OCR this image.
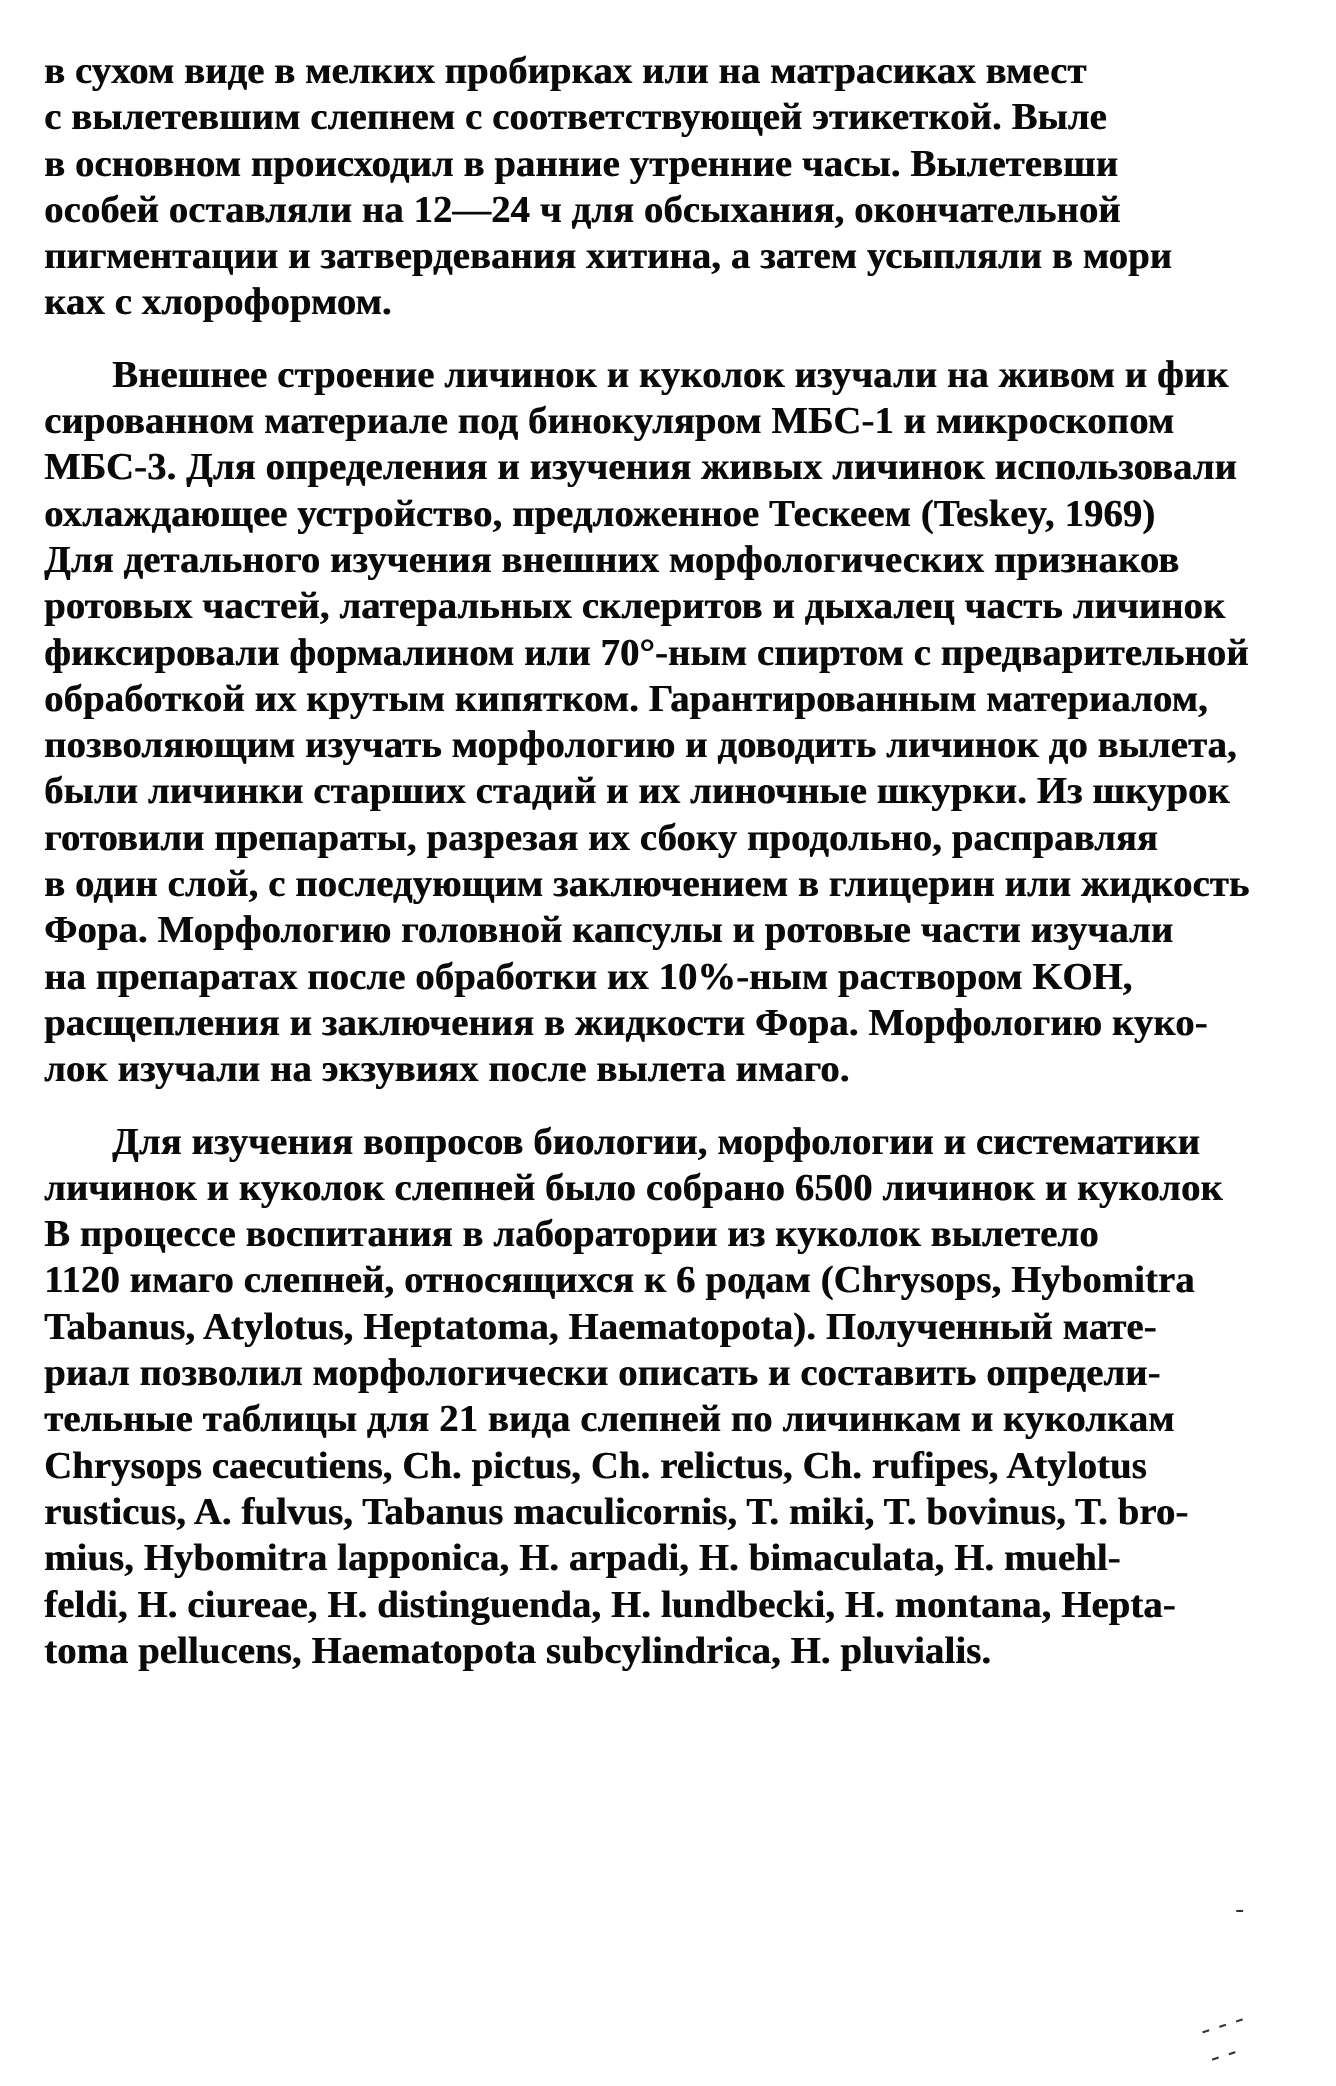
в сухом виде в мелких пробирках или на матрасиках вмест
с вылетевшим слепнем с соответствующей этикеткой. Выле
в основном происходил в ранние утренние часы. Вылетевши
особей оставляли на 12—24 ч для обсыхания, окончательной
пигментации и затвердевания хитина, а затем усыпляли в мори
ках с хлороформом.
Внешнее строение личинок и куколок изучали на живом и фик
сированном материале под бинокуляром МБС-1 и микроскопом
МБС-3. Для определения и изучения живых личинок использовали
охлаждающее устройство, предложенное Тескеем (Teskey, 1969)
Для детального изучения внешних морфологических признаков
ротовых частей, латеральных склеритов и дыхалец часть личинок
фиксировали формалином или 70°-ным спиртом с предварительной
обработкой их крутым кипятком. Гарантированным материалом,
позволяющим изучать морфологию и доводить личинок до вылета,
были личинки старших стадий и их линочные шкурки. Из шкурок
готовили препараты, разрезая их сбоку продольно, расправляя
в один слой, с последующим заключением в глицерин или жидкость
Фора. Морфологию головной капсулы и ротовые части изучали
на препаратах после обработки их 10%-ным раствором KOH,
расщепления и заключения в жидкости Фора. Морфологию куко-
лок изучали на экзувиях после вылета имаго.
Для изучения вопросов биологии, морфологии и систематики
личинок и куколок слепней было собрано 6500 личинок и куколок
В процессе воспитания в лаборатории из куколок вылетело
1120 имаго слепней, относящихся к 6 родам (Chrysops, Hybomitra
Tabanus, Atylotus, Heptatoma, Haematopota). Полученный мате-
риал позволил морфологически описать и составить определи-
тельные таблицы для 21 вида слепней по личинкам и куколкам
Chrysops caecutiens, Ch. pictus, Ch. relictus, Ch. rufipes, Atylotus
rusticus, A. fulvus, Tabanus maculicornis, T. miki, T. bovinus, T. bro-
mius, Hybomitra lapponica, H. arpadi, H. bimaculata, H. muehl-
feldi, H. ciureae, H. distinguenda, H. lundbecki, H. montana, Hepta-
toma pellucens, Haematopota subcylindrica, H. pluvialis.
-
- - -
- -
